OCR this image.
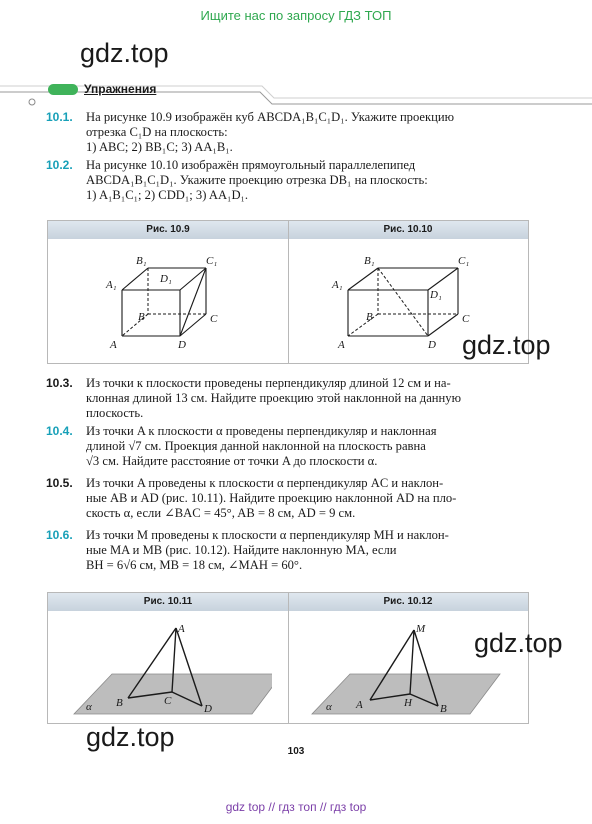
Ищите нас по запросу ГДЗ ТОП
gdz.top
Упражнения
10.1. На рисунке 10.9 изображён куб ABCDA₁B₁C₁D₁. Укажите проекцию
отрезка C₁D на плоскость:
1) ABC; 2) BB₁C; 3) AA₁B₁.
10.2. На рисунке 10.10 изображён прямоугольный параллелепипед
ABCDA₁B₁C₁D₁. Укажите проекцию отрезка DB₁ на плоскость:
1) A₁B₁C₁; 2) CDD₁; 3) AA₁D₁.
Рис. 10.9	Рис. 10.10
A
B	C
D
A₁
B₁	C₁
D₁
A
B	C
D
A₁
B₁	C₁
D₁
gdz.top
10.3. Из точки к плоскости проведены перпендикуляр длиной 12 см и на-
клонная длиной 13 см. Найдите проекцию этой наклонной на данную
плоскость.
10.4. Из точки A к плоскости α проведены перпендикуляр и наклонная
длиной √7 см. Проекция данной наклонной на плоскость равна
√3 см. Найдите расстояние от точки A до плоскости α.
10.5. Из точки A проведены к плоскости α перпендикуляр AC и наклон-
ные AB и AD (рис. 10.11). Найдите проекцию наклонной AD на пло-
скость α, если ∠BAC = 45°, AB = 8 см, AD = 9 см.
10.6. Из точки M проведены к плоскости α перпендикуляр MH и наклон-
ные MA и MB (рис. 10.12). Найдите наклонную MA, если
BH = 6√6 см, MB = 18 см, ∠MAH = 60°.
Рис. 10.11	Рис. 10.12
A
B	C
D
α
M
A	H	B
α
gdz.top
gdz.top	103
gdz top // гдз топ // гдз top
